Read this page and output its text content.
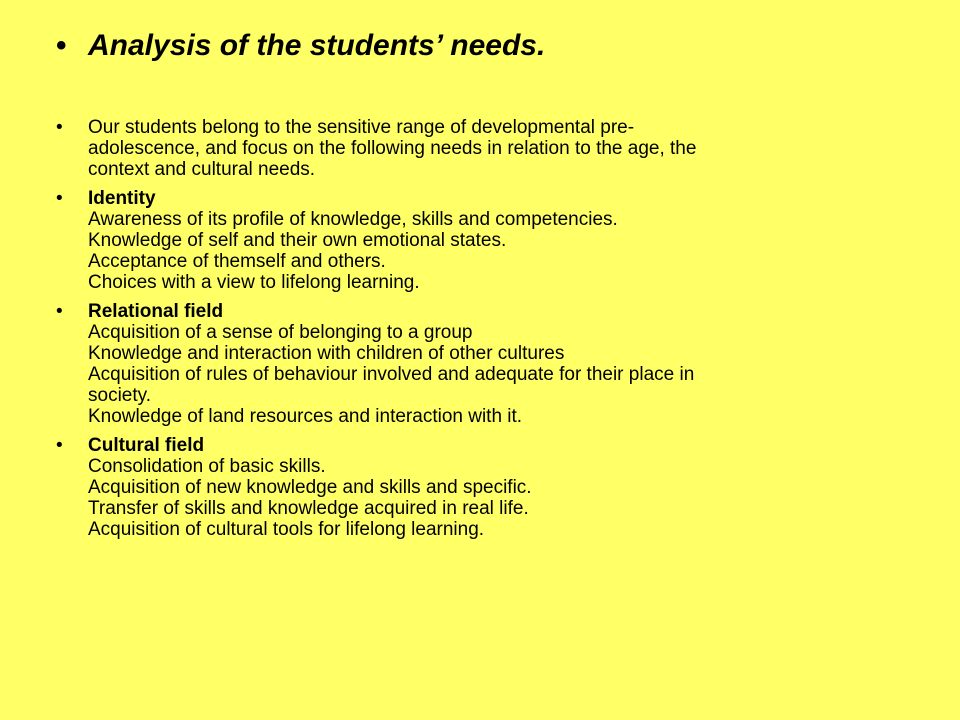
• Analysis of the students’ needs.
•	Our students belong to the sensitive range of developmental pre-
adolescence, and focus on the following needs in relation to the age, the
context and cultural needs.
•	Identity
Awareness of its profile of knowledge, skills and competencies.
Knowledge of self and their own emotional states.
Acceptance of themself and others.
Choices with a view to lifelong learning.
•	Relational field
Acquisition of a sense of belonging to a group
Knowledge and interaction with children of other cultures
Acquisition of rules of behaviour involved and adequate for their place in
society.
Knowledge of land resources and interaction with it.
•	Cultural field
Consolidation of basic skills.
Acquisition of new knowledge and skills and specific.
Transfer of skills and knowledge acquired in real life.
Acquisition of cultural tools for lifelong learning.
